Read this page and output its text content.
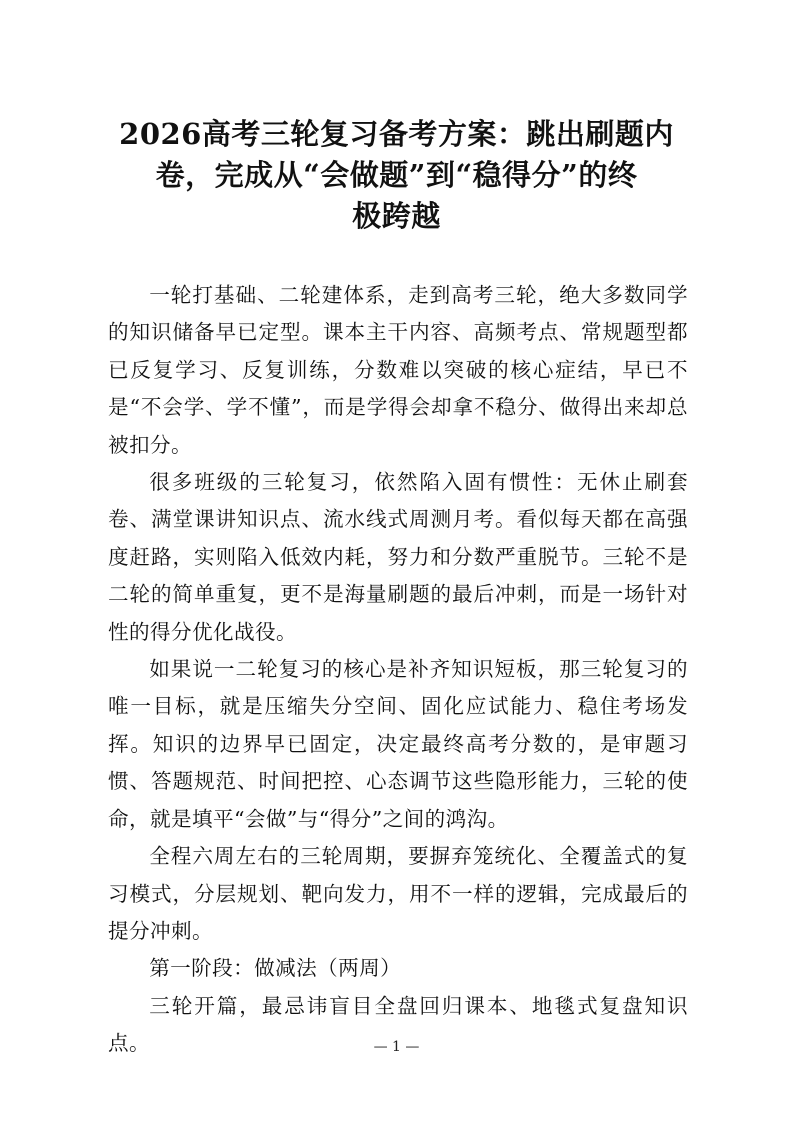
2026高考三轮复习备考方案：跳出刷题内
卷，完成从“会做题”到“稳得分”的终
极跨越

一轮打基础、二轮建体系，走到高考三轮，绝大多数同学的知识储备早已定型。课本主干内容、高频考点、常规题型都已反复学习、反复训练，分数难以突破的核心症结，早已不是“不会学、学不懂”，而是学得会却拿不稳分、做得出来却总被扣分。

很多班级的三轮复习，依然陷入固有惯性：无休止刷套卷、满堂课讲知识点、流水线式周测月考。看似每天都在高强度赶路，实则陷入低效内耗，努力和分数严重脱节。三轮不是二轮的简单重复，更不是海量刷题的最后冲刺，而是一场针对性的得分优化战役。

如果说一二轮复习的核心是补齐知识短板，那三轮复习的唯一目标，就是压缩失分空间、固化应试能力、稳住考场发挥。知识的边界早已固定，决定最终高考分数的，是审题习惯、答题规范、时间把控、心态调节这些隐形能力，三轮的使命，就是填平“会做”与“得分”之间的鸿沟。

全程六周左右的三轮周期，要摒弃笼统化、全覆盖式的复习模式，分层规划、靶向发力，用不一样的逻辑，完成最后的提分冲刺。

第一阶段：做减法（两周）

三轮开篇，最忌讳盲目全盘回归课本、地毯式复盘知识点。	— 1 —
